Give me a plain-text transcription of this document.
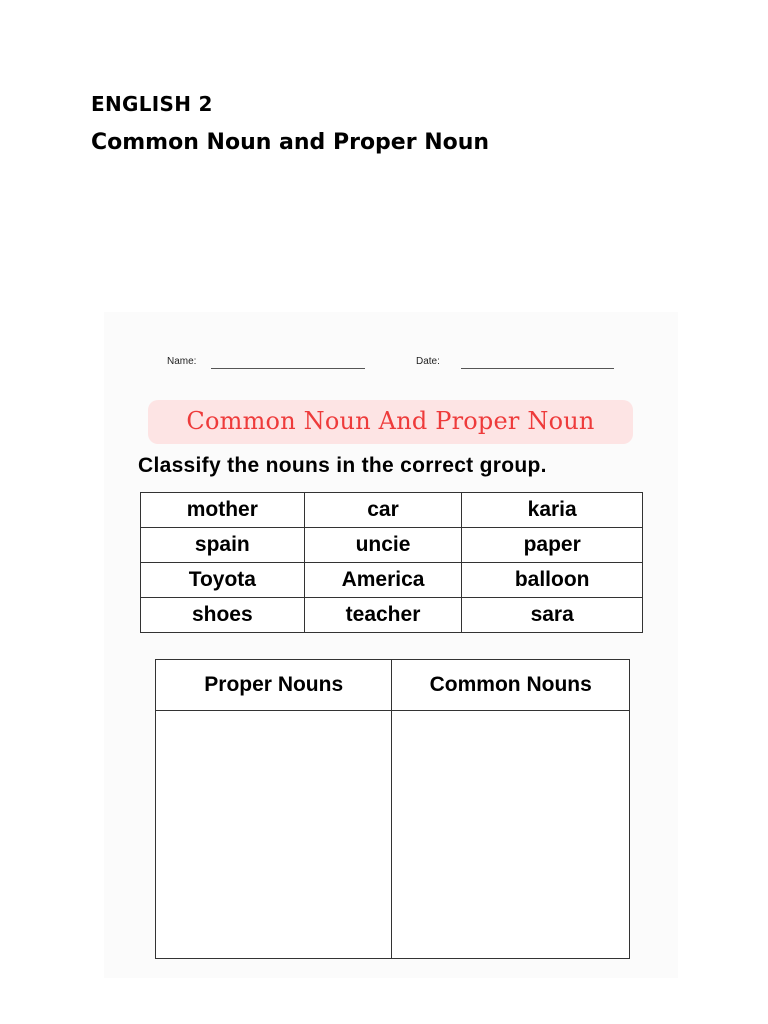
ENGLISH 2
Common Noun and Proper Noun
Name:	Date:
Common Noun And Proper Noun
Classify the nouns in the correct group.
mother	car	karia
spain	uncie	paper
Toyota	America	balloon
shoes	teacher	sara
Proper Nouns	Common Nouns
